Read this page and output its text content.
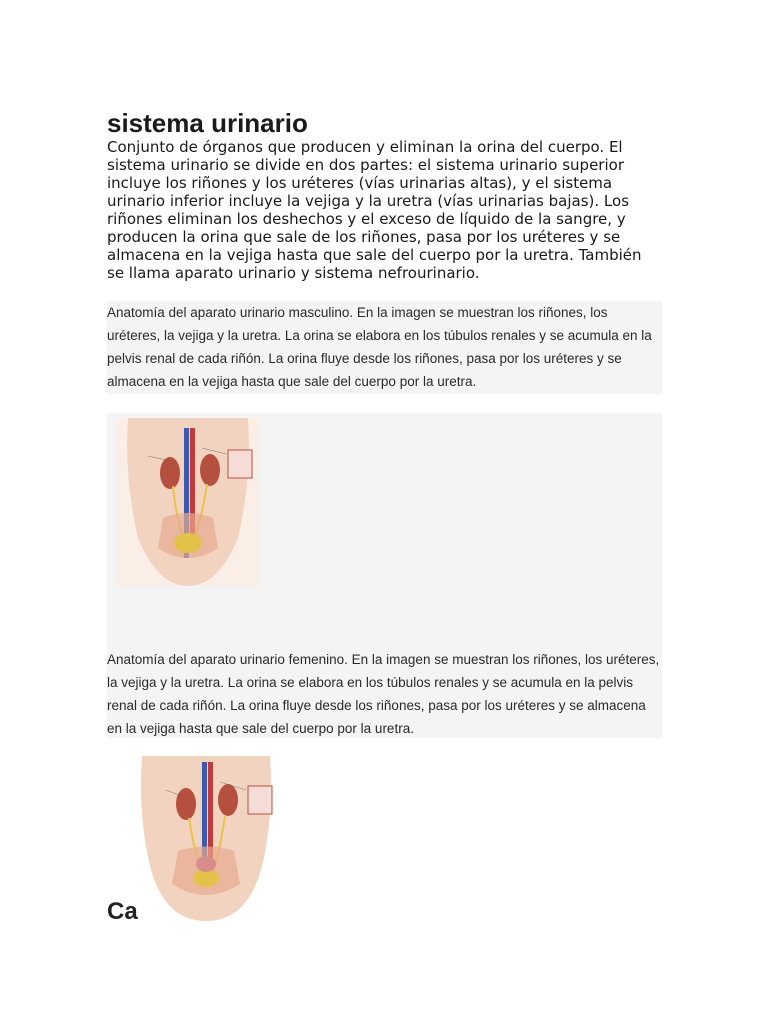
sistema urinario

Conjunto de órganos que producen y eliminan la orina del cuerpo. El sistema urinario se divide en dos partes: el sistema urinario superior incluye los riñones y los uréteres (vías urinarias altas), y el sistema urinario inferior incluye la vejiga y la uretra (vías urinarias bajas). Los riñones eliminan los deshechos y el exceso de líquido de la sangre, y producen la orina que sale de los riñones, pasa por los uréteres y se almacena en la vejiga hasta que sale del cuerpo por la uretra. También se llama aparato urinario y sistema nefrourinario.

Anatomía del aparato urinario masculino. En la imagen se muestran los riñones, los uréteres, la vejiga y la uretra. La orina se elabora en los túbulos renales y se acumula en la pelvis renal de cada riñón. La orina fluye desde los riñones, pasa por los uréteres y se almacena en la vejiga hasta que sale del cuerpo por la uretra.

Anatomía del aparato urinario femenino. En la imagen se muestran los riñones, los uréteres, la vejiga y la uretra. La orina se elabora en los túbulos renales y se acumula en la pelvis renal de cada riñón. La orina fluye desde los riñones, pasa por los uréteres y se almacena en la vejiga hasta que sale del cuerpo por la uretra.

Ca
